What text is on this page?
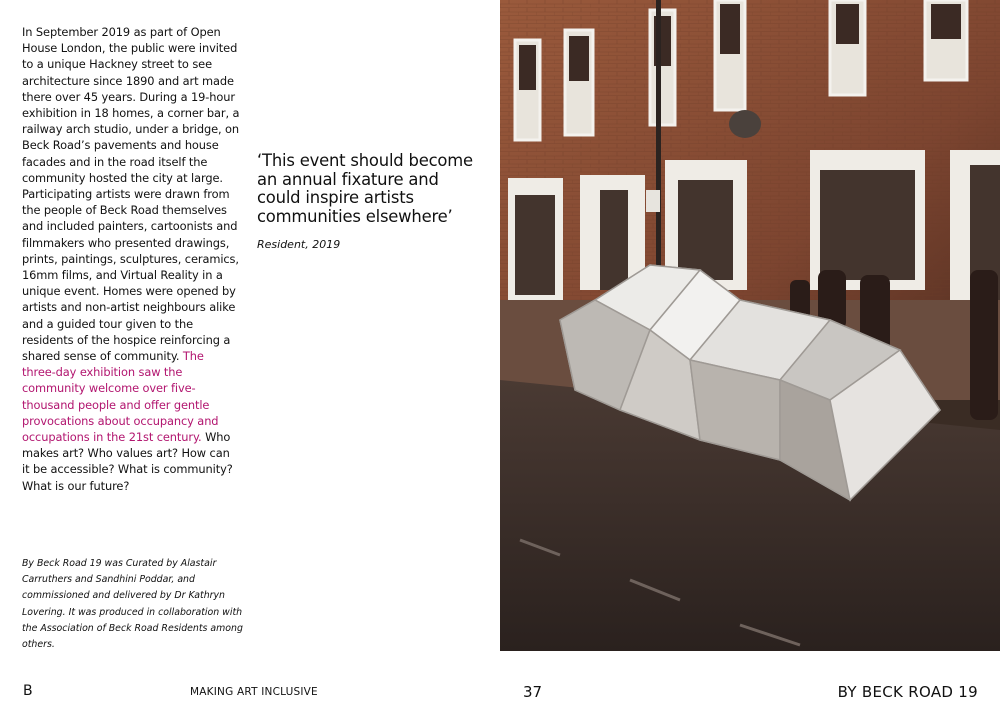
In September 2019 as part of Open House London, the public were invited to a unique Hackney street to see architecture since 1890 and art made there over 45 years. During a 19-hour exhibition in 18 homes, a corner bar, a railway arch studio, under a bridge, on Beck Road’s pavements and house facades and in the road itself the community hosted the city at large. Participating artists were drawn from the people of Beck Road themselves and included painters, cartoonists and filmmakers who presented drawings, prints, paintings, sculptures, ceramics, 16mm films, and Virtual Reality in a unique event. Homes were opened by artists and non-artist neighbours alike and a guided tour given to the residents of the hospice reinforcing a shared sense of community. The three-day exhibition saw the community welcome over five-thousand people and offer gentle provocations about occupancy and occupations in the 21st century. Who makes art? Who values art? How can it be accessible? What is community? What is our future?
‘This event should become an annual fixature and could inspire artists communities elsewhere’
Resident, 2019
By Beck Road 19 was Curated by Alastair Carruthers and Sandhini Poddar, and commissioned and delivered by Dr Kathryn Lovering. It was produced in collaboration with the Association of Beck Road Residents among others.
B	MAKING ART INCLUSIVE	37	BY BECK ROAD 19
